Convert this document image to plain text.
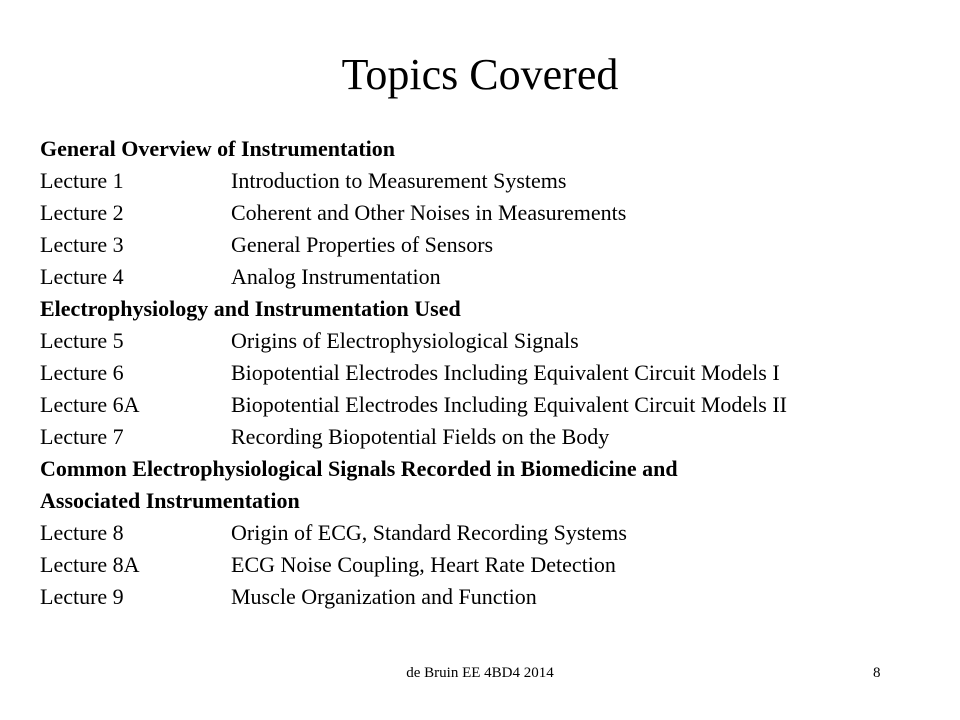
Topics Covered
General Overview of Instrumentation
Lecture 1	Introduction to Measurement Systems
Lecture 2	Coherent and Other Noises in Measurements
Lecture 3	General Properties of Sensors
Lecture 4	Analog Instrumentation
Electrophysiology and Instrumentation Used
Lecture 5	Origins of Electrophysiological Signals
Lecture 6	Biopotential Electrodes Including Equivalent Circuit Models I
Lecture 6A	Biopotential Electrodes Including Equivalent Circuit Models II
Lecture 7	Recording Biopotential Fields on the Body
Common Electrophysiological Signals Recorded in Biomedicine and
Associated Instrumentation
Lecture 8	Origin of ECG, Standard Recording Systems
Lecture 8A	ECG Noise Coupling, Heart Rate Detection
Lecture 9	Muscle Organization and Function
de Bruin EE 4BD4 2014	8
